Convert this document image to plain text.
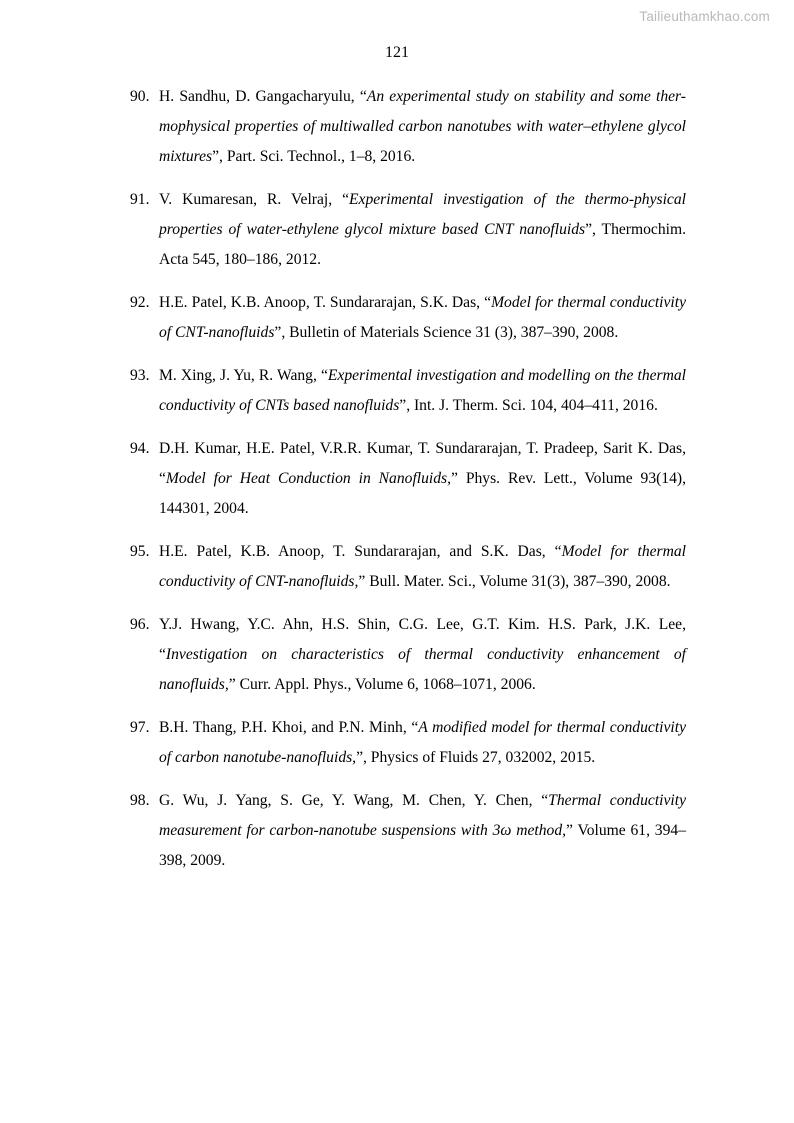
Tailieuthamkhao.com
121
90. H. Sandhu, D. Gangacharyulu, “An experimental study on stability and some ther- mophysical properties of multiwalled carbon nanotubes with water–ethylene glycol mixtures”, Part. Sci. Technol., 1–8, 2016.
91. V. Kumaresan, R. Velraj, “Experimental investigation of the thermo-physical properties of water-ethylene glycol mixture based CNT nanofluids”, Thermochim. Acta 545, 180–186, 2012.
92. H.E. Patel, K.B. Anoop, T. Sundararajan, S.K. Das, “Model for thermal conductivity of CNT-nanofluids”, Bulletin of Materials Science 31 (3), 387–390, 2008.
93. M. Xing, J. Yu, R. Wang, “Experimental investigation and modelling on the thermal conductivity of CNTs based nanofluids”, Int. J. Therm. Sci. 104, 404–411, 2016.
94. D.H. Kumar, H.E. Patel, V.R.R. Kumar, T. Sundararajan, T. Pradeep, Sarit K. Das, “Model for Heat Conduction in Nanofluids,” Phys. Rev. Lett., Volume 93(14), 144301, 2004.
95. H.E. Patel, K.B. Anoop, T. Sundararajan, and S.K. Das, “Model for thermal conductivity of CNT-nanofluids,” Bull. Mater. Sci., Volume 31(3), 387–390, 2008.
96. Y.J. Hwang, Y.C. Ahn, H.S. Shin, C.G. Lee, G.T. Kim. H.S. Park, J.K. Lee, “Investigation on characteristics of thermal conductivity enhancement of nanofluids,” Curr. Appl. Phys., Volume 6, 1068–1071, 2006.
97. B.H. Thang, P.H. Khoi, and P.N. Minh, “A modified model for thermal conductivity of carbon nanotube-nanofluids,”, Physics of Fluids 27, 032002, 2015.
98. G. Wu, J. Yang, S. Ge, Y. Wang, M. Chen, Y. Chen, “Thermal conductivity measurement for carbon-nanotube suspensions with 3ω method,” Volume 61, 394–398, 2009.
